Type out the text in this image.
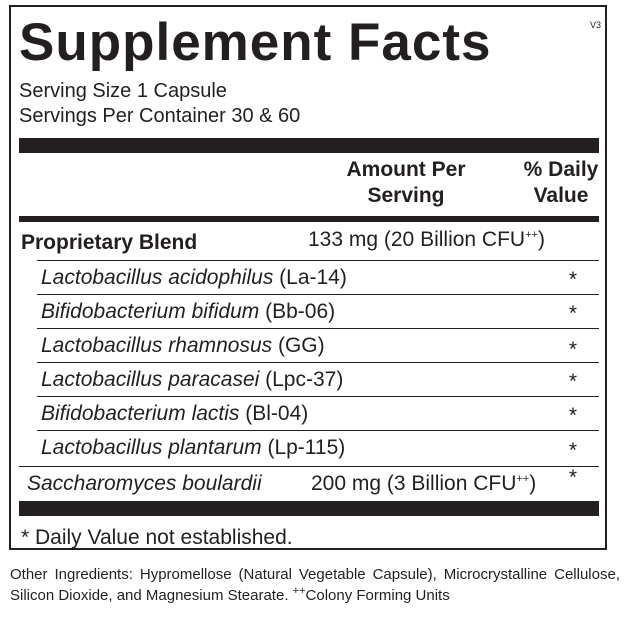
Supplement Facts	V3
Serving Size 1 Capsule
Servings Per Container 30 & 60
Amount Per
Serving
% Daily
Value
Proprietary Blend	133 mg (20 Billion CFU++)
Lactobacillus acidophilus (La-14)	*
Bifidobacterium bifidum (Bb-06)	*
Lactobacillus rhamnosus (GG)	*
Lactobacillus paracasei (Lpc-37)	*
Bifidobacterium lactis (Bl-04)	*
Lactobacillus plantarum (Lp-115)	*
Saccharomyces boulardii 200 mg (3 Billion CFU++) *
* Daily Value not established.
Other Ingredients: Hypromellose (Natural Vegetable Capsule), Microcrystalline Cellulose, Silicon Dioxide, and Magnesium Stearate. ++Colony Forming Units
